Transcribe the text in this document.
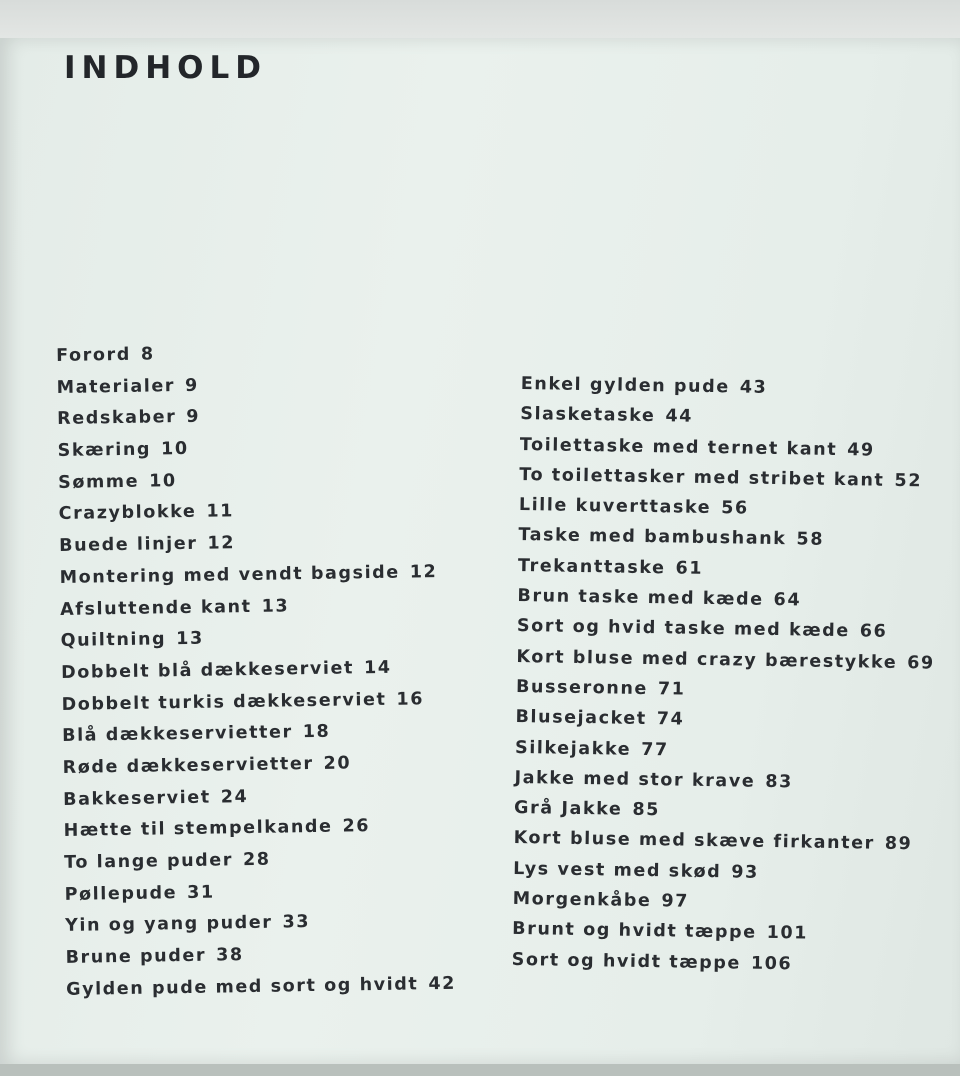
INDHOLD
Forord 8
Materialer 9
Redskaber 9
Skæring 10
Sømme 10
Crazyblokke 11
Buede linjer 12
Montering med vendt bagside 12
Afsluttende kant 13
Quiltning 13
Dobbelt blå dækkeserviet 14
Dobbelt turkis dækkeserviet 16
Blå dækkeservietter 18
Røde dækkeservietter 20
Bakkeserviet 24
Hætte til stempelkande 26
To lange puder 28
Pøllepude 31
Yin og yang puder 33
Brune puder 38
Gylden pude med sort og hvidt 42
Enkel gylden pude 43
Slasketaske 44
Toilettaske med ternet kant 49
To toilettasker med stribet kant 52
Lille kuverttaske 56
Taske med bambushank 58
Trekanttaske 61
Brun taske med kæde 64
Sort og hvid taske med kæde 66
Kort bluse med crazy bærestykke 69
Busseronne 71
Blusejacket 74
Silkejakke 77
Jakke med stor krave 83
Grå Jakke 85
Kort bluse med skæve firkanter 89
Lys vest med skød 93
Morgenkåbe 97
Brunt og hvidt tæppe 101
Sort og hvidt tæppe 106
